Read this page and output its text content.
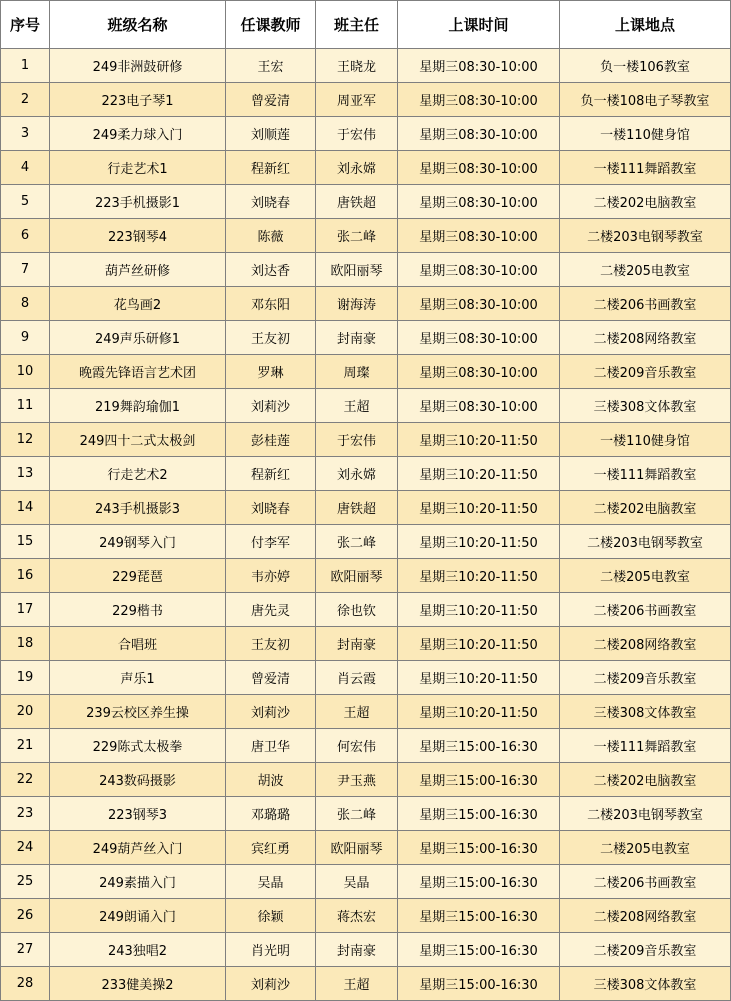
序号	班级名称	任课教师	班主任	上课时间	上课地点
1	249非洲鼓研修	王宏	王晓龙	星期三08:30-10:00	负一楼106教室
2	223电子琴1	曾爱清	周亚军	星期三08:30-10:00	负一楼108电子琴教室
3	249柔力球入门	刘顺莲	于宏伟	星期三08:30-10:00	一楼110健身馆
4	行走艺术1	程新红	刘永嫦	星期三08:30-10:00	一楼111舞蹈教室
5	223手机摄影1	刘晓春	唐铁超	星期三08:30-10:00	二楼202电脑教室
6	223钢琴4	陈薇	张二峰	星期三08:30-10:00	二楼203电钢琴教室
7	葫芦丝研修	刘达香	欧阳丽琴	星期三08:30-10:00	二楼205电教室
8	花鸟画2	邓东阳	谢海涛	星期三08:30-10:00	二楼206书画教室
9	249声乐研修1	王友初	封南豪	星期三08:30-10:00	二楼208网络教室
10	晚霞先锋语言艺术团	罗琳	周璨	星期三08:30-10:00	二楼209音乐教室
11	219舞韵瑜伽1	刘莉沙	王超	星期三08:30-10:00	三楼308文体教室
12	249四十二式太极剑	彭桂莲	于宏伟	星期三10:20-11:50	一楼110健身馆
13	行走艺术2	程新红	刘永嫦	星期三10:20-11:50	一楼111舞蹈教室
14	243手机摄影3	刘晓春	唐铁超	星期三10:20-11:50	二楼202电脑教室
15	249钢琴入门	付李军	张二峰	星期三10:20-11:50	二楼203电钢琴教室
16	229琵琶	韦亦婷	欧阳丽琴	星期三10:20-11:50	二楼205电教室
17	229楷书	唐先灵	徐也钦	星期三10:20-11:50	二楼206书画教室
18	合唱班	王友初	封南豪	星期三10:20-11:50	二楼208网络教室
19	声乐1	曾爱清	肖云霞	星期三10:20-11:50	二楼209音乐教室
20	239云校区养生操	刘莉沙	王超	星期三10:20-11:50	三楼308文体教室
21	229陈式太极拳	唐卫华	何宏伟	星期三15:00-16:30	一楼111舞蹈教室
22	243数码摄影	胡波	尹玉燕	星期三15:00-16:30	二楼202电脑教室
23	223钢琴3	邓璐璐	张二峰	星期三15:00-16:30	二楼203电钢琴教室
24	249葫芦丝入门	宾红勇	欧阳丽琴	星期三15:00-16:30	二楼205电教室
25	249素描入门	吴晶	吴晶	星期三15:00-16:30	二楼206书画教室
26	249朗诵入门	徐颖	蒋杰宏	星期三15:00-16:30	二楼208网络教室
27	243独唱2	肖光明	封南豪	星期三15:00-16:30	二楼209音乐教室
28	233健美操2	刘莉沙	王超	星期三15:00-16:30	三楼308文体教室
